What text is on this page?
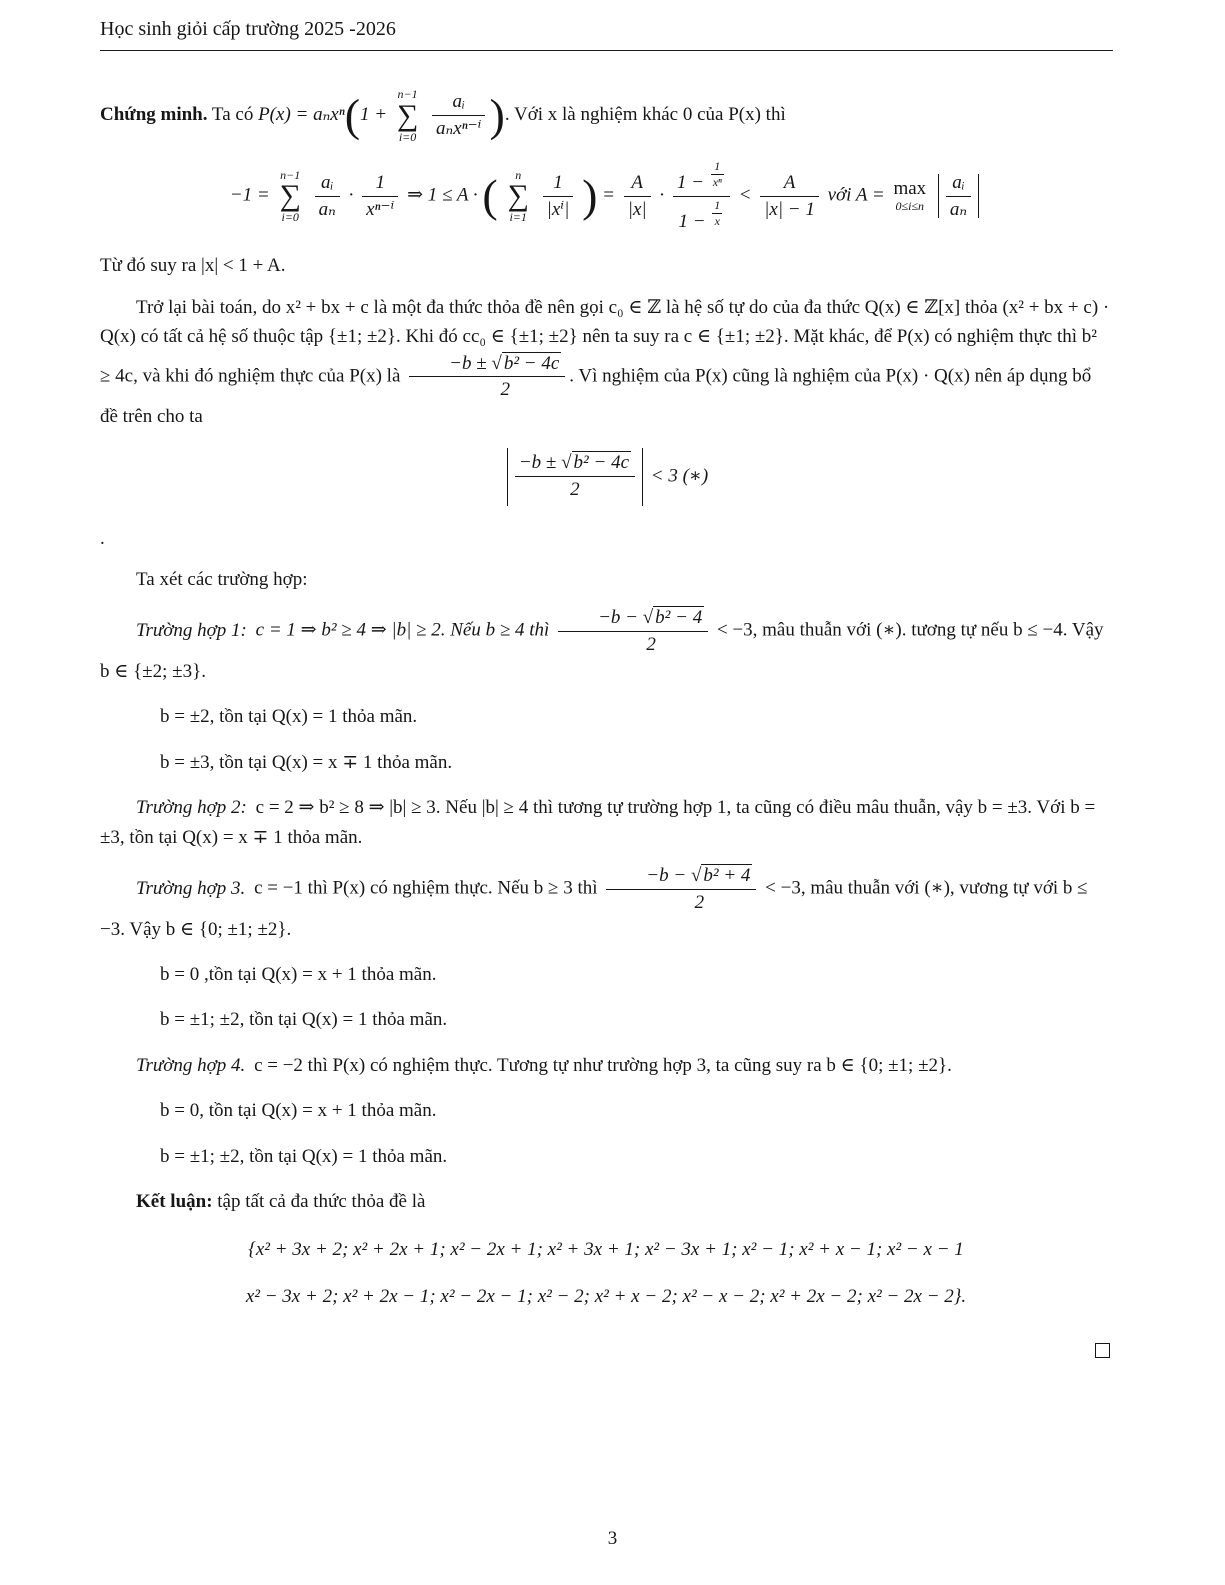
Học sinh giỏi cấp trường 2025 -2026

Chứng minh. Ta có P(x) = aₙxⁿ(1 +
n−1
∑
i=0
$\frac{\text{aᵢ}}{\text{aₙxⁿ⁻ⁱ}}$ ). Với x là nghiệm khác 0 của P(x) thì

−1 =
n−1
∑
i=0
$\frac{\text{aᵢ}}{\text{aₙ}} \cdot \frac{1}{\text{xⁿ⁻ⁱ}}$ ⇒ 1 ≤ A · ( n
∑
i=1
$\frac{1}{\text{|xⁱ|}}$ ) = $\frac{A}{|x|} \cdot \frac{1 - \frac{1}{\text{xⁿ}}}{1 - \frac{1}{x}} < \frac{A}{|x| - 1}$ với A = max
0≤i≤n
$\frac{\text{aᵢ}}{\text{aₙ}}$

Từ đó suy ra |x| < 1 + A.

Trở lại bài toán, do x² + bx + c là một đa thức thỏa đề nên gọi c₀ ∈ ℤ là hệ số tự do của đa thức Q(x) ∈ ℤ[x] thỏa (x² + bx + c) · Q(x) có tất cả hệ số thuộc tập {±1; ±2}. Khi đó cc₀ ∈ {±1; ±2} nên ta suy ra c ∈ {±1; ±2}. Mặt khác, để P(x) có nghiệm thực thì b² ≥ 4c, và khi đó nghiệm thực của P(x) là $\frac{\text{−b ± √ b² − 4c}}{2}$ . Vì nghiệm của P(x) cũng là nghiệm của P(x) · Q(x) nên áp dụng bổ đề trên cho ta

$\frac{\text{−b ± √ b² − 4c}}{2} < 3$ (∗)

.

Ta xét các trường hợp:

Trường hợp 1: c = 1 ⇒ b² ≥ 4 ⇒ |b| ≥ 2. Nếu b ≥ 4 thì $\frac{\text{−b − √ b² − 4}}{2} < -3$, mâu thuẫn với (∗). tương tự nếu b ≤ −4. Vậy b ∈ {±2; ±3}.

b = ±2, tồn tại Q(x) = 1 thỏa mãn.

b = ±3, tồn tại Q(x) = x ∓ 1 thỏa mãn.

Trường hợp 2: c = 2 ⇒ b² ≥ 8 ⇒ |b| ≥ 3. Nếu |b| ≥ 4 thì tương tự trường hợp 1, ta cũng có điều mâu thuẫn, vậy b = ±3. Với b = ±3, tồn tại Q(x) = x ∓ 1 thỏa mãn.

Trường hợp 3. c = −1 thì P(x) có nghiệm thực. Nếu b ≥ 3 thì $\frac{\text{−b − √ b² + 4}}{2} < -3$, mâu thuẫn với (∗), vương tự với b ≤ −3. Vậy b ∈ {0; ±1; ±2}.

b = 0 ,tồn tại Q(x) = x + 1 thỏa mãn.

b = ±1; ±2, tồn tại Q(x) = 1 thỏa mãn.

Trường hợp 4. c = −2 thì P(x) có nghiệm thực. Tương tự như trường hợp 3, ta cũng suy ra b ∈ {0; ±1; ±2}.

b = 0, tồn tại Q(x) = x + 1 thỏa mãn.

b = ±1; ±2, tồn tại Q(x) = 1 thỏa mãn.

Kết luận: tập tất cả đa thức thỏa đề là

{x² + 3x + 2; x² + 2x + 1; x² − 2x + 1; x² + 3x + 1; x² − 3x + 1; x² − 1; x² + x − 1; x² − x − 1
x² − 3x + 2; x² + 2x − 1; x² − 2x − 1; x² − 2; x² + x − 2; x² − x − 2; x² + 2x − 2; x² − 2x − 2}.
3
